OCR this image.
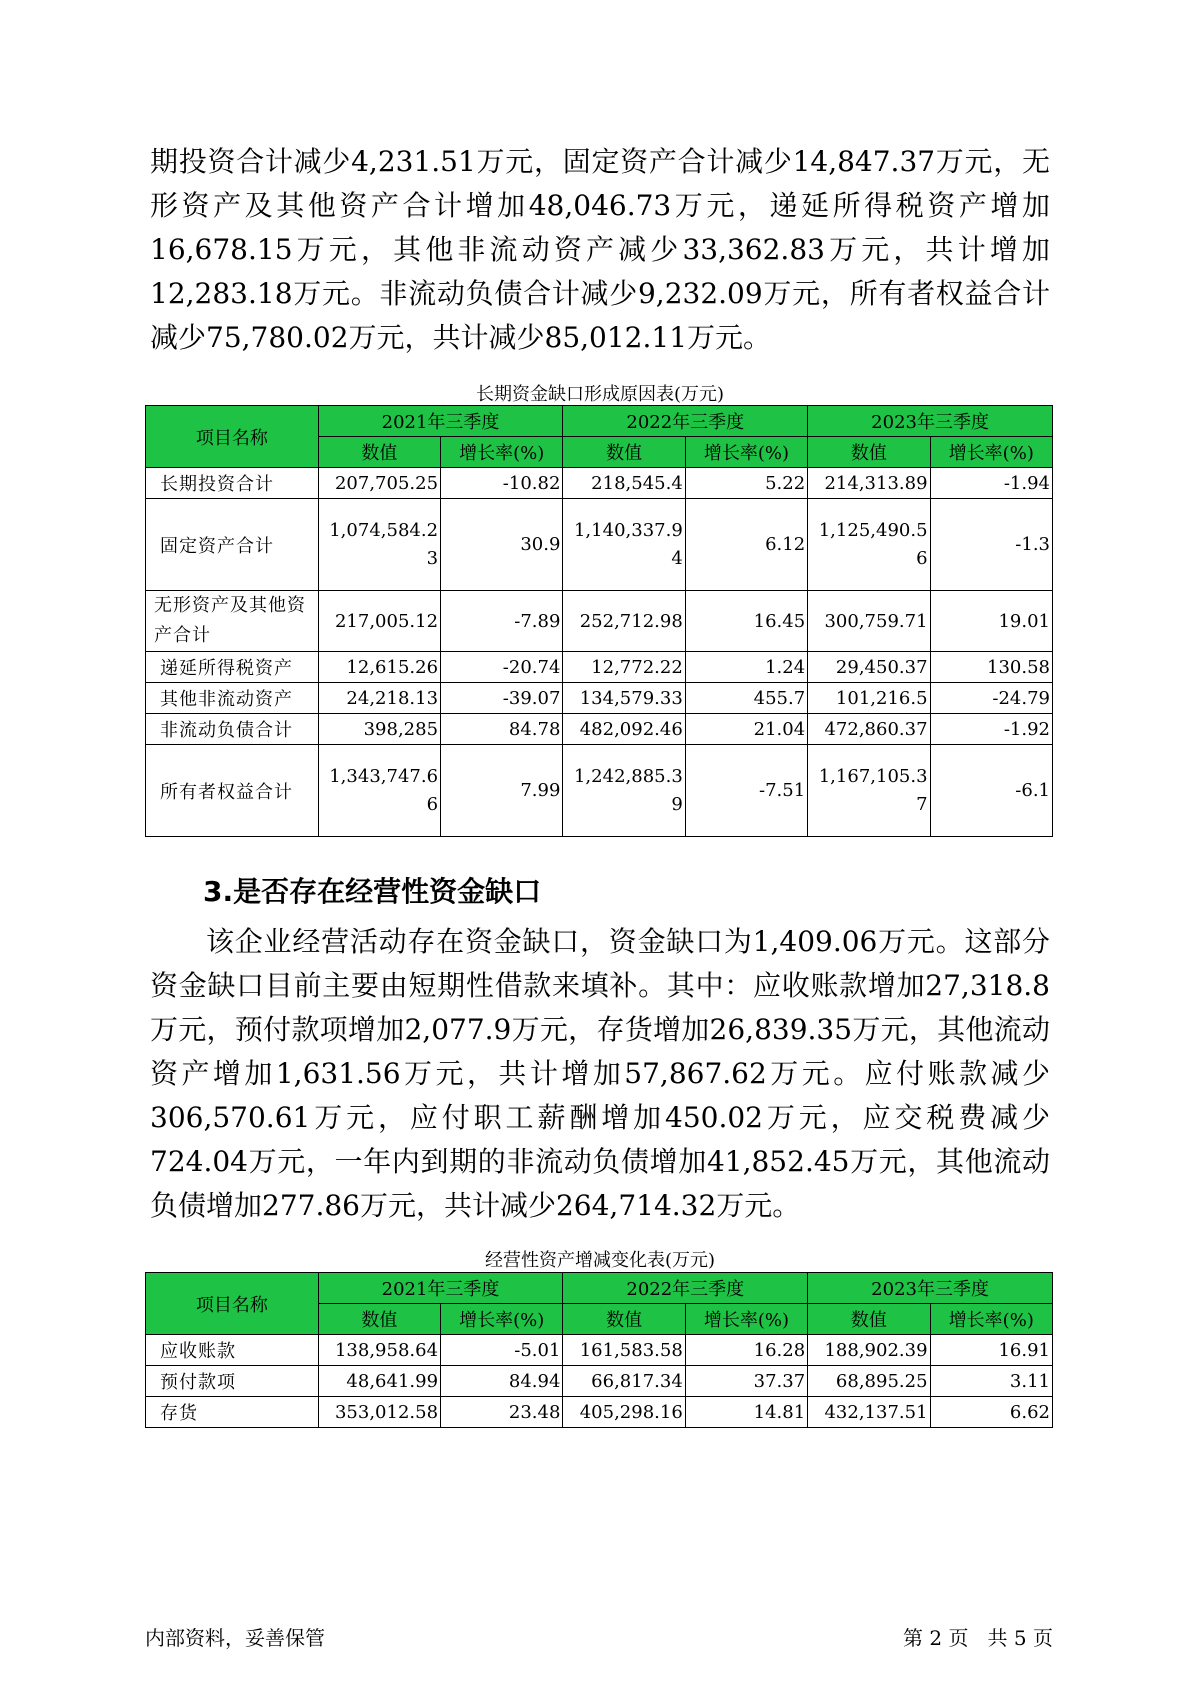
期投资合计减少4,231.51万元，固定资产合计减少14,847.37万元，无形资产及其他资产合计增加48,046.73万元，递延所得税资产增加16,678.15万元，其他非流动资产减少33,362.83万元，共计增加12,283.18万元。非流动负债合计减少9,232.09万元，所有者权益合计减少75,780.02万元，共计减少85,012.11万元。

长期资金缺口形成原因表(万元)

项目名称	2021年三季度		2022年三季度		2023年三季度	
	数值	增长率(%)	数值	增长率(%)	数值	增长率(%)
长期投资合计	207,705.25	-10.82	218,545.4	5.22	214,313.89	-1.94
固定资产合计	1,074,584.23	30.9	1,140,337.94	6.12	1,125,490.56	-1.3
无形资产及其他资产合计	217,005.12	-7.89	252,712.98	16.45	300,759.71	19.01
递延所得税资产	12,615.26	-20.74	12,772.22	1.24	29,450.37	130.58
其他非流动资产	24,218.13	-39.07	134,579.33	455.7	101,216.5	-24.79
非流动负债合计	398,285	84.78	482,092.46	21.04	472,860.37	-1.92
所有者权益合计	1,343,747.66	7.99	1,242,885.39	-7.51	1,167,105.37	-6.1

3.是否存在经营性资金缺口

该企业经营活动存在资金缺口，资金缺口为1,409.06万元。这部分资金缺口目前主要由短期性借款来填补。其中：应收账款增加27,318.8万元，预付款项增加2,077.9万元，存货增加26,839.35万元，其他流动资产增加1,631.56万元，共计增加57,867.62万元。应付账款减少306,570.61万元，应付职工薪酬增加450.02万元，应交税费减少724.04万元，一年内到期的非流动负债增加41,852.45万元，其他流动负债增加277.86万元，共计减少264,714.32万元。

经营性资产增减变化表(万元)

项目名称	2021年三季度		2022年三季度		2023年三季度	
	数值	增长率(%)	数值	增长率(%)	数值	增长率(%)
应收账款	138,958.64	-5.01	161,583.58	16.28	188,902.39	16.91
预付款项	48,641.99	84.94	66,817.34	37.37	68,895.25	3.11
存货	353,012.58	23.48	405,298.16	14.81	432,137.51	6.62
内部资料，妥善保管	第 2 页   共 5 页
